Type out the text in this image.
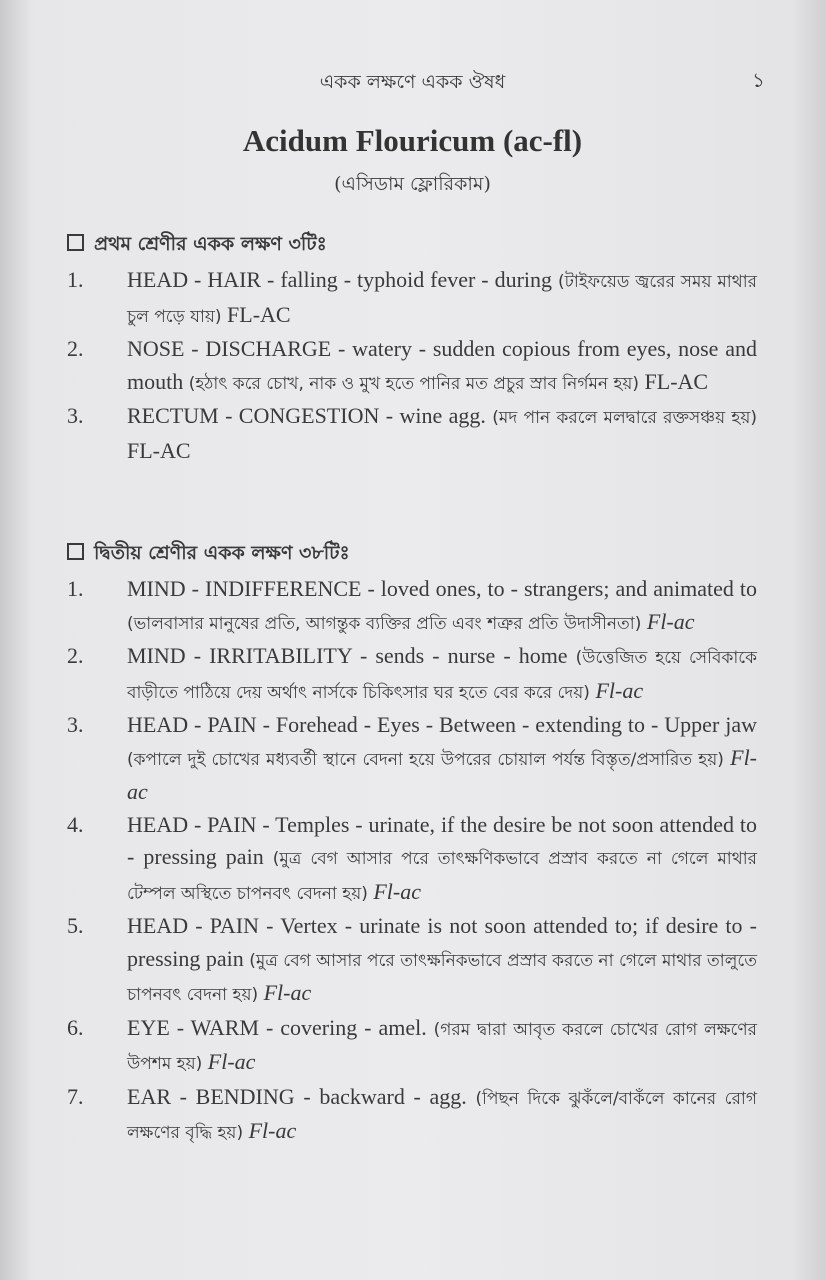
একক লক্ষণে একক ঔষধ	১
Acidum Flouricum (ac-fl)
(এসিডাম ফ্লোরিকাম)
প্রথম শ্রেণীর একক লক্ষণ ৩টিঃ
1. HEAD - HAIR - falling - typhoid fever - during (টাইফয়েড জ্বরের সময় মাথার চুল পড়ে যায়) FL-AC
2. NOSE - DISCHARGE - watery - sudden copious from eyes, nose and mouth (হঠাৎ করে চোখ, নাক ও মুখ হতে পানির মত প্রচুর স্রাব নির্গমন হয়) FL-AC
3. RECTUM - CONGESTION - wine agg. (মদ পান করলে মলদ্বারে রক্তসঞ্চয় হয়) FL-AC
দ্বিতীয় শ্রেণীর একক লক্ষণ ৩৮টিঃ
1. MIND - INDIFFERENCE - loved ones, to - strangers; and animated to (ভালবাসার মানুষের প্রতি, আগন্তুক ব্যক্তির প্রতি এবং শত্রুর প্রতি উদাসীনতা) Fl-ac
2. MIND - IRRITABILITY - sends - nurse - home (উত্তেজিত হয়ে সেবিকাকে বাড়ীতে পাঠিয়ে দেয় অর্থাৎ নার্সকে চিকিৎসার ঘর হতে বের করে দেয়) Fl-ac
3. HEAD - PAIN - Forehead - Eyes - Between - extending to - Upper jaw (কপালে দুই চোখের মধ্যবর্তী স্থানে বেদনা হয়ে উপরের চোয়াল পর্যন্ত বিস্তৃত/প্রসারিত হয়) Fl-ac
4. HEAD - PAIN - Temples - urinate, if the desire be not soon attended to - pressing pain (মুত্র বেগ আসার পরে তাৎক্ষণিকভাবে প্রস্রাব করতে না গেলে মাথার টেম্পল অস্থিতে চাপনবৎ বেদনা হয়) Fl-ac
5. HEAD - PAIN - Vertex - urinate is not soon attended to; if desire to - pressing pain (মুত্র বেগ আসার পরে তাৎক্ষনিকভাবে প্রস্রাব করতে না গেলে মাথার তালুতে চাপনবৎ বেদনা হয়) Fl-ac
6. EYE - WARM - covering - amel. (গরম দ্বারা আবৃত করলে চোখের রোগ লক্ষণের উপশম হয়) Fl-ac
7. EAR - BENDING - backward - agg. (পিছন দিকে ঝুকঁলে/বাকঁলে কানের রোগ লক্ষণের বৃদ্ধি হয়) Fl-ac
